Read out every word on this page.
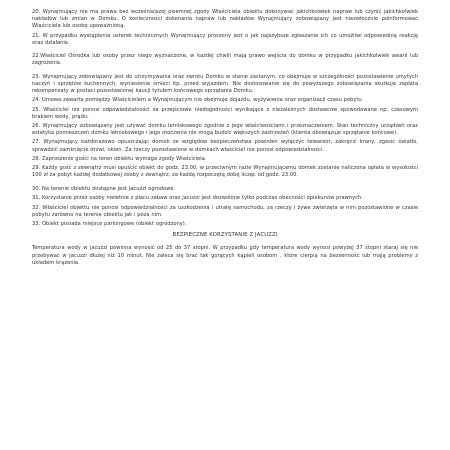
20. Wynajmujący nie ma prawa bez wcześniejszej pisemnej zgody Właściciela obiektu dokonywać jakichkolwiek napraw lub czynić jakichkolwiek nakładów lub zmian w Domku. O konieczności dokonania napraw lub nakładów Wynajmujący zobowiązany jest niezwłocznie poinformować Właściciela lub osobę upoważnioną.

21. W przypadku wystąpienia usterek technicznych Wynajmujący proszony jest o jak najszybsze zgłaszanie ich co umożliwi odpowiednią reakcję oraz działanie.

22.Właściciel Ośrodka lub osoby przez niego wyznaczone, w każdej chwili mają prawo wejścia do domku w przypadku jakichkolwiek awarii lub zagrożenia.

23. Wynajmujący zobowiązany jest do utrzymywania oraz zwrotu Domku w stanie zastanym, co obejmuje w szczególności pozostawienie umytych naczyń i sprzętów kuchennych, wyniesienie śmieci itp. przed wyjazdem. Nie dostosowanie się do powyższego zobowiązania skutkuje zapłatą rekompensaty w postaci pozostawionej kaucji tytułem końcowego sprzątania Domku.

24. Umowa zawarta pomiędzy Właścicielem a Wynajmującym nie obejmuje dojazdu, wyżywienia oraz organizacji czasu pobytu.

25. Właściciel nie ponosi odpowiedzialności za przejściowe niedogodności wynikające z niezależnych dostawców spowodowane np. czasowym brakiem wody, prądu.

26. Wynajmujący zobowiązany jest używać domku letniskowego zgodnie z jego właściwościami i przeznaczeniem. Stan techniczny urządzeń oraz estetyka pomieszczeń domku letniskowego i jego otoczenia nie mogą budzić większych zastrzeżeń (klienta obowiązuje sprzątanie końcowe).

27. Wynajmujący każdorazowo opuszczając domek ze względów bezpieczeństwa powinien wyłączyć telewizor, zakręcić krany, zgasić światło, sprawdzić zamknięcie drzwi, okien. Za rzeczy pozostawione w domkach właściciel nie ponosi odpowiedzialności.

28. Zaproszenie gości na teren obiektu wymaga zgody Właściciela.

29. Każdy gość z zewnątrz musi opuścić obiekt do godz. 23.00, w przeciwnym razie Wynajmującemu domek zostanie naliczona opłata w wysokości 100 zł za pobyt każdej dodatkowej osoby z zewnątrz, za każdą rozpoczętą dobę licząc od godz. 23.00.

30. Na terenie obiektu dostępne jest jacuzzi ogrodowe.

31. Korzystanie przez osoby nieletnie z placu zabaw oraz jacuzzi jest dozwolone tylko podczas obecności opiekunów prawnych.

32. Właściciel obiektu nie ponosi odpowiedzialności za uszkodzenia i utratę samochodu, za rzeczy i żywe zwierzęta w nim pozostawione w czasie pobytu zarówno na terenie obiektu jak i poza nim.

33. Obiekt posiada miejsce parkingowe (obiekt ogrodzony).

BEZPIECZNE KORZYSTANIE Z JACUZZI

Temperatura wody w jacuzzi powinna wynosić od 25 do 37 stopni. W przypadku gdy temperatura wody wynosi powyżej 37 stopni staraj się nie przebywać w jacuzzi dłużej niż 10 minut. Nie zaleca się brać tak gorących kąpieli osobom , które cierpią na bezsenność lub mają problemy z układem krążenia.
